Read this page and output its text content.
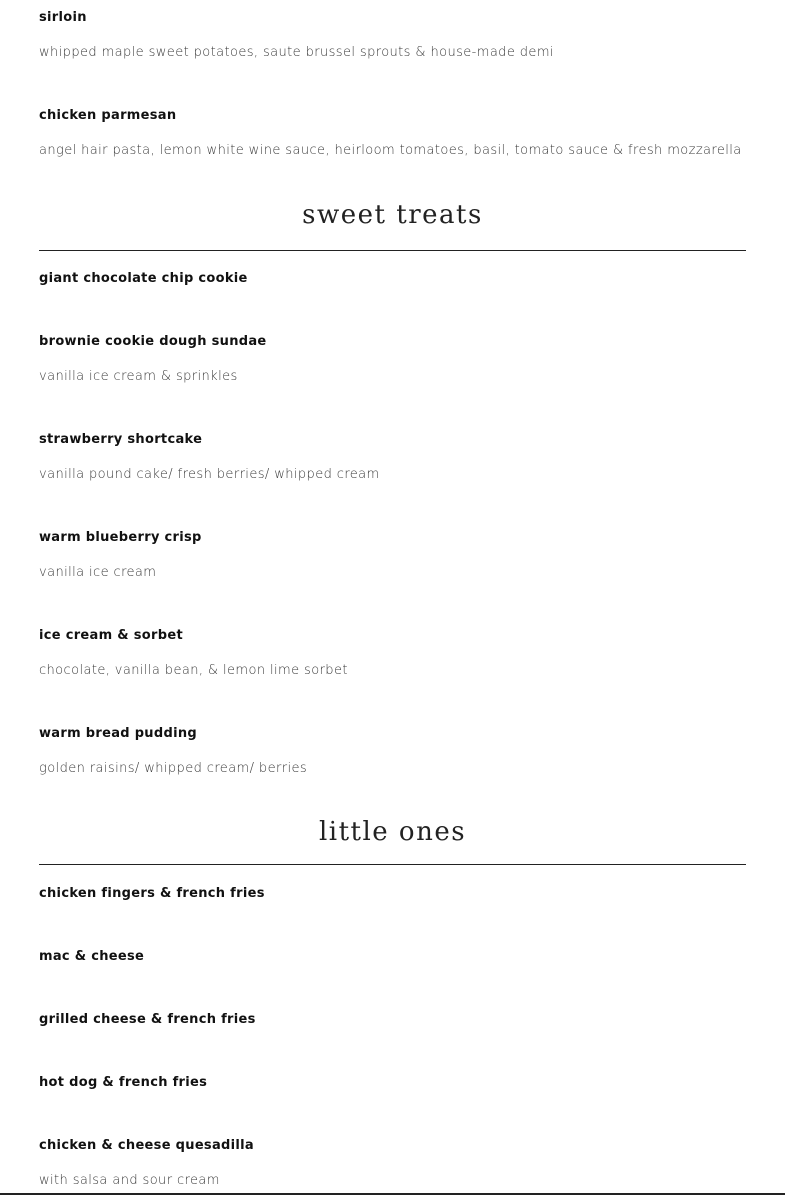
sirloin
whipped maple sweet potatoes, saute brussel sprouts & house-made demi
chicken parmesan
angel hair pasta, lemon white wine sauce, heirloom tomatoes, basil, tomato sauce & fresh mozzarella
sweet treats
giant chocolate chip cookie
brownie cookie dough sundae
vanilla ice cream & sprinkles
strawberry shortcake
vanilla pound cake/ fresh berries/ whipped cream
warm blueberry crisp
vanilla ice cream
ice cream & sorbet
chocolate, vanilla bean, & lemon lime sorbet
warm bread pudding
golden raisins/ whipped cream/ berries
little ones
chicken fingers & french fries
mac & cheese
grilled cheese & french fries
hot dog & french fries
chicken & cheese quesadilla
with salsa and sour cream
